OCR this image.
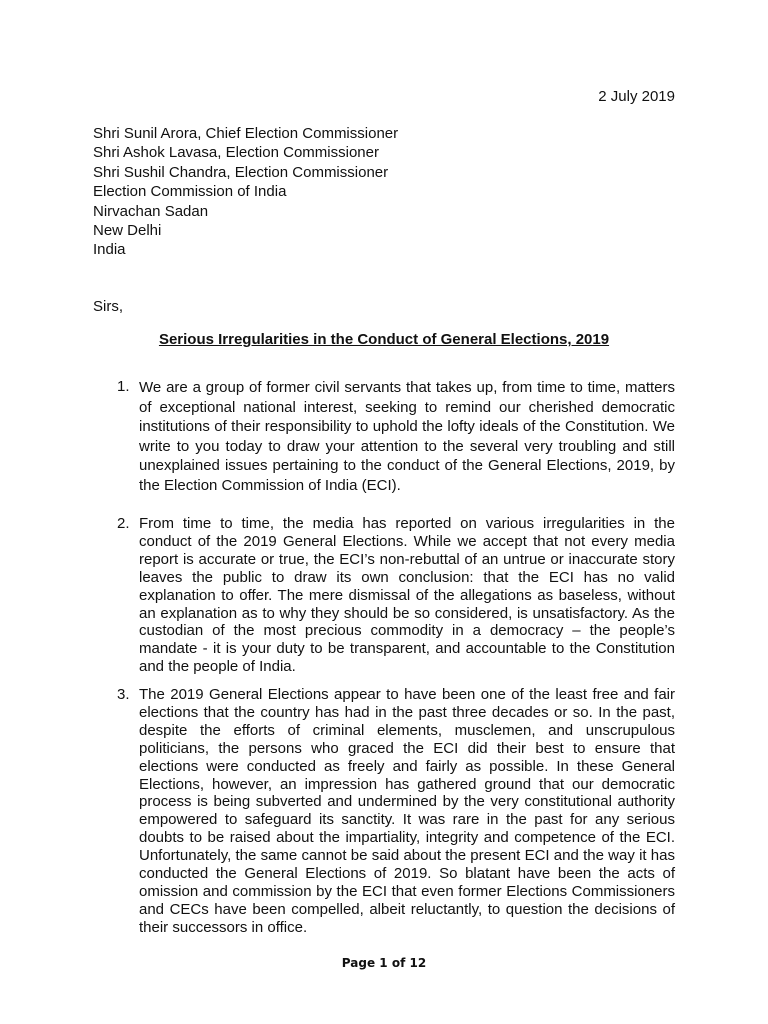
2 July 2019
Shri Sunil Arora, Chief Election Commissioner
Shri Ashok Lavasa, Election Commissioner
Shri Sushil Chandra, Election Commissioner
Election Commission of India
Nirvachan Sadan
New Delhi
India
Sirs,
Serious Irregularities in the Conduct of General Elections, 2019
1. We are a group of former civil servants that takes up, from time to time, matters of exceptional national interest, seeking to remind our cherished democratic institutions of their responsibility to uphold the lofty ideals of the Constitution. We write to you today to draw your attention to the several very troubling and still unexplained issues pertaining to the conduct of the General Elections, 2019, by the Election Commission of India (ECI).
2. From time to time, the media has reported on various irregularities in the conduct of the 2019 General Elections. While we accept that not every media report is accurate or true, the ECI’s non-rebuttal of an untrue or inaccurate story leaves the public to draw its own conclusion: that the ECI has no valid explanation to offer. The mere dismissal of the allegations as baseless, without an explanation as to why they should be so considered, is unsatisfactory. As the custodian of the most precious commodity in a democracy – the people’s mandate - it is your duty to be transparent, and accountable to the Constitution and the people of India.
3. The 2019 General Elections appear to have been one of the least free and fair elections that the country has had in the past three decades or so. In the past, despite the efforts of criminal elements, musclemen, and unscrupulous politicians, the persons who graced the ECI did their best to ensure that elections were conducted as freely and fairly as possible. In these General Elections, however, an impression has gathered ground that our democratic process is being subverted and undermined by the very constitutional authority empowered to safeguard its sanctity. It was rare in the past for any serious doubts to be raised about the impartiality, integrity and competence of the ECI. Unfortunately, the same cannot be said about the present ECI and the way it has conducted the General Elections of 2019. So blatant have been the acts of omission and commission by the ECI that even former Elections Commissioners and CECs have been compelled, albeit reluctantly, to question the decisions of their successors in office.
Page 1 of 12
